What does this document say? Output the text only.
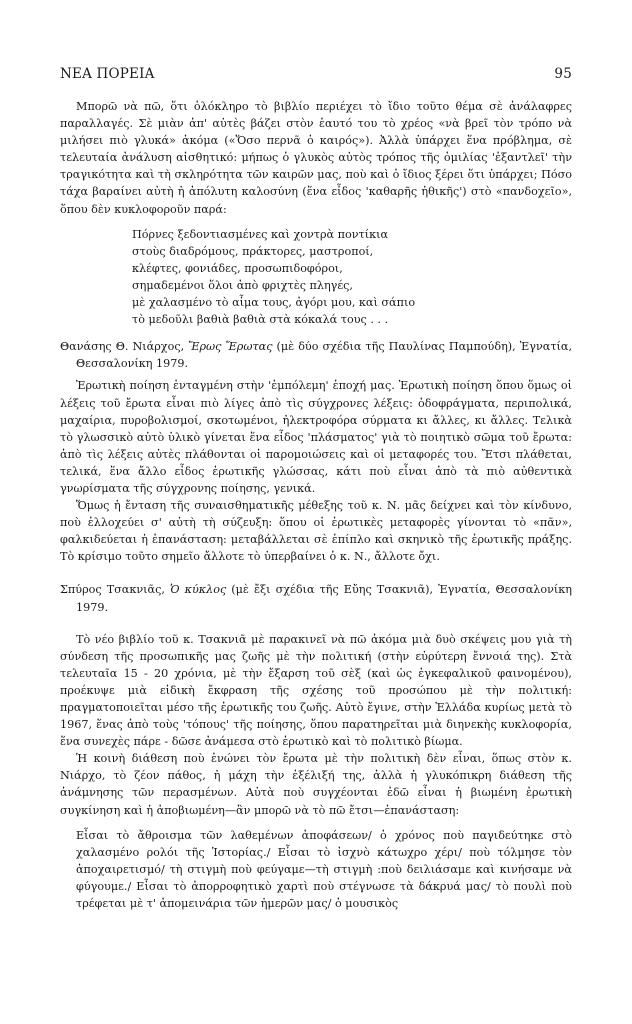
ΝΕΑ ΠΟΡΕΙΑ	95

Μπορῶ νὰ πῶ, ὅτι ὁλόκληρο τὸ βιβλίο περιέχει τὸ ἴδιο τοῦτο θέμα σὲ ἀνάλαφρες παραλλαγές. Σὲ μιὰν ἀπ' αὐτὲς βάζει στὸν ἑαυτό του τὸ χρέος «νὰ βρεῖ τὸν τρόπο νὰ μιλήσει πιὸ γλυκά» ἀκόμα («Ὅσο περνᾶ ὁ καιρός»). Ἀλλὰ ὑπάρχει ἕνα πρόβλημα, σὲ τελευταία ἀνάλυση αἰσθητικό: μήπως ὁ γλυκὸς αὐτὸς τρόπος τῆς ὁμιλίας 'ἐξαντλεῖ' τὴν τραγικότητα καὶ τὴ σκληρότητα τῶν καιρῶν μας, ποὺ καὶ ὁ ἴδιος ξέρει ὅτι ὑπάρχει; Πόσο τάχα βαραίνει αὐτὴ ἡ ἀπόλυτη καλοσύνη (ἕνα εἶδος 'καθαρῆς ἠθικῆς') στὸ «πανδοχεῖο», ὅπου δὲν κυκλοφοροῦν παρά:

Πόρνες ξεδοντιασμένες καὶ χοντρὰ ποντίκια
στοὺς διαδρόμους, πράκτορες, μαστροποί,
κλέφτες, φονιάδες, προσωπιδοφόροι,
σημαδεμένοι ὅλοι ἀπὸ φριχτὲς πληγές,
μὲ χαλασμένο τὸ αἷμα τους, ἀγόρι μου, καὶ σάπιο
τὸ μεδοῦλι βαθιὰ βαθιὰ στὰ κόκαλά τους . . .

Θανάσης Θ. Νιάρχος, Ἔρως Ἔρωτας (μὲ δύο σχέδια τῆς Παυλίνας Παμπούδη), Ἐγνατία, Θεσσαλονίκη 1979.

Ἐρωτικὴ ποίηση ἐνταγμένη στὴν 'ἐμπόλεμη' ἐποχή μας. Ἐρωτικὴ ποίηση ὅπου ὅμως οἱ λέξεις τοῦ ἔρωτα εἶναι πιὸ λίγες ἀπὸ τὶς σύγχρονες λέξεις: ὁδοφράγματα, περιπολικά, μαχαίρια, πυροβολισμοί, σκοτωμένοι, ἠλεκτροφόρα σύρματα κι ἄλλες, κι ἄλλες. Τελικὰ τὸ γλωσσικὸ αὐτὸ ὑλικὸ γίνεται ἕνα εἶδος 'πλάσματος' γιὰ τὸ ποιητικὸ σῶμα τοῦ ἔρωτα: ἀπὸ τὶς λέξεις αὐτὲς πλάθονται οἱ παρομοιώσεις καὶ οἱ μεταφορές του. Ἔτσι πλάθεται, τελικά, ἕνα ἄλλο εἶδος ἐρωτικῆς γλώσσας, κάτι ποὺ εἶναι ἀπὸ τὰ πιὸ αὐθεντικὰ γνωρίσματα τῆς σύγχρονης ποίησης, γενικά.

Ὅμως ἡ ἔνταση τῆς συναισθηματικῆς μέθεξης τοῦ κ. Ν. μᾶς δείχνει καὶ τὸν κίνδυνο, ποὺ ἐλλοχεύει σ' αὐτὴ τὴ σύζευξη: ὅπου οἱ ἐρωτικὲς μεταφορὲς γίνονται τὸ «πᾶν», φαλκιδεύεται ἡ ἐπανάσταση: μεταβάλλεται σὲ ἐπίπλο καὶ σκηνικὸ τῆς ἐρωτικῆς πράξης. Τὸ κρίσιμο τοῦτο σημεῖο ἄλλοτε τὸ ὑπερβαίνει ὁ κ. Ν., ἄλλοτε ὄχι.

Σπύρος Τσακνιᾶς, Ὁ κύκλος (μὲ ἔξι σχέδια τῆς Εὔης Τσακνιᾶ), Ἐγνατία, Θεσσαλονίκη 1979.

Τὸ νέο βιβλίο τοῦ κ. Τσακνιᾶ μὲ παρακινεῖ νὰ πῶ ἀκόμα μιὰ δυὸ σκέψεις μου γιὰ τὴ σύνδεση τῆς προσωπικῆς μας ζωῆς μὲ τὴν πολιτική (στὴν εὐρύτερη ἔννοιά της). Στὰ τελευταῖα 15 - 20 χρόνια, μὲ τὴν ἔξαρση τοῦ σὲξ (καὶ ὡς ἐγκεφαλικοῦ φαινομένου), προέκυψε μιὰ εἰδικὴ ἔκφραση τῆς σχέσης τοῦ προσώπου μὲ τὴν πολιτική: πραγματοποιεῖται μέσο τῆς ἐρωτικῆς του ζωῆς. Αὐτὸ ἔγινε, στὴν Ἑλλάδα κυρίως μετὰ τὸ 1967, ἕνας ἀπὸ τοὺς 'τόπους' τῆς ποίησης, ὅπου παρατηρεῖται μιὰ διηνεκὴς κυκλοφορία, ἕνα συνεχὲς πάρε - δῶσε ἀνάμεσα στὸ ἐρωτικὸ καὶ τὸ πολιτικὸ βίωμα.

Ἡ κοινὴ διάθεση ποὺ ἑνώνει τὸν ἔρωτα μὲ τὴν πολιτικὴ δὲν εἶναι, ὅπως στὸν κ. Νιάρχο, τὸ ζέον πάθος, ἡ μάχη τὴν ἐξέλιξή της, ἀλλὰ ἡ γλυκόπικρη διάθεση τῆς ἀνάμνησης τῶν περασμένων. Αὐτὰ ποὺ συγχέονται ἐδῶ εἶναι ἡ βιωμένη ἐρωτικὴ συγκίνηση καὶ ἡ ἀποβιωμένη—ἂν μπορῶ νὰ τὸ πῶ ἔτσι—ἐπανάσταση:

Εἶσαι τὸ ἄθροισμα τῶν λαθεμένων ἀποφάσεων/ ὁ χρόνος ποὺ παγιδεύτηκε στὸ χαλασμένο ρολόι τῆς Ἱστορίας./ Εἶσαι τὸ ἰσχνὸ κάτωχρο χέρι/ ποὺ τόλμησε τὸν ἀποχαιρετισμό/ τὴ στιγμὴ ποὺ φεύγαμε—τὴ στιγμὴ :ποὺ δειλιάσαμε καὶ κινήσαμε νὰ φύγουμε./ Εἶσαι τὸ ἀπορροφητικὸ χαρτὶ ποὺ στέγνωσε τὰ δάκρυά μας/ τὸ πουλὶ ποὺ τρέφεται μὲ τ' ἀπομεινάρια τῶν ἡμερῶν μας/ ὁ μουσικὸς
